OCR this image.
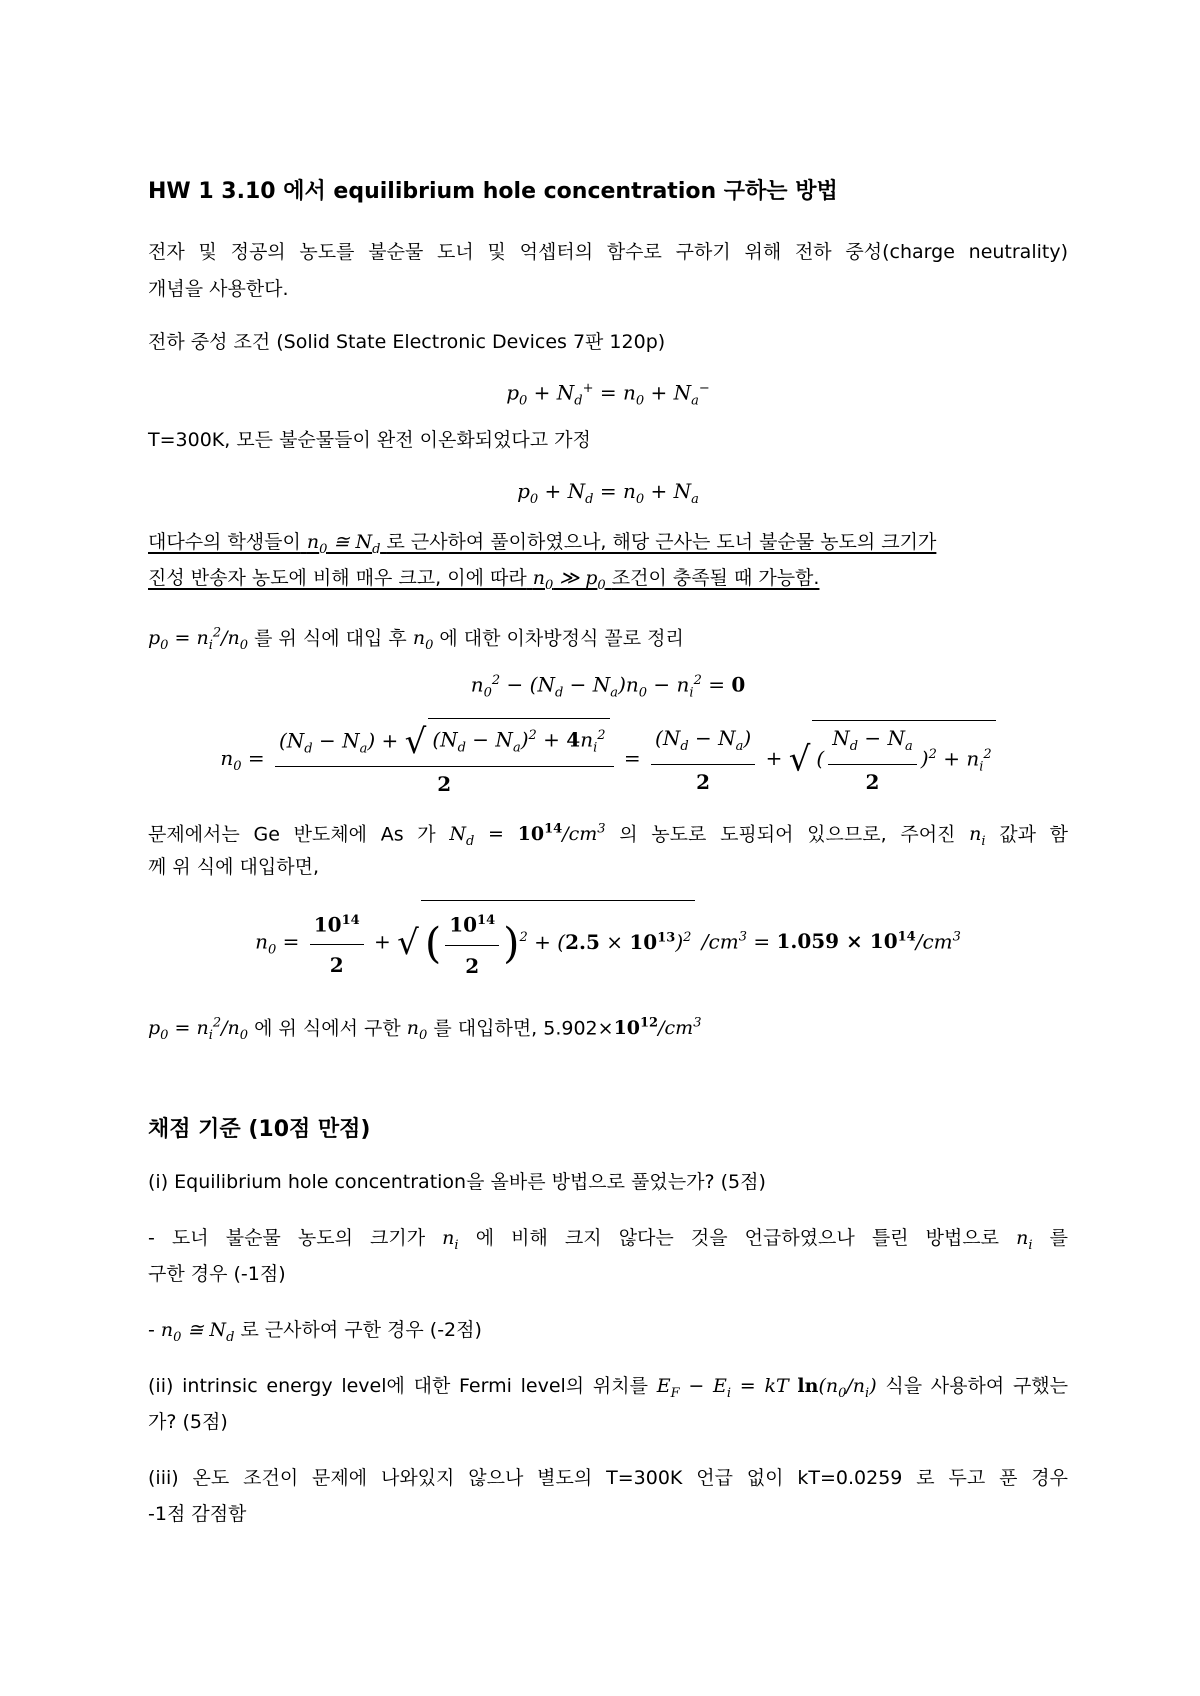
HW 1 3.10 에서 equilibrium hole concentration 구하는 방법
전자 및 정공의 농도를 불순물 도너 및 억셉터의 함수로 구하기 위해 전하 중성(charge neutrality)
개념을 사용한다.
전하 중성 조건 (Solid State Electronic Devices 7판 120p)
$p_0 + N_d^+ = n_0 + N_a^-$
T=300K, 모든 불순물들이 완전 이온화되었다고 가정
$p_0 + N_d = n_0 + N_a$
대다수의 학생들이 $n_0$ ≅ $N_d$ 로 근사하여 풀이하였으나, 해당 근사는 도너 불순물 농도의 크기가
진성 반송자 농도에 비해 매우 크고, 이에 따라 $n_0$ ≫ $p_0$ 조건이 충족될 때 가능함.
$p_0 = n_i^2/n_0$ 를 위 식에 대입 후 $n_0$ 에 대한 이차방정식 꼴로 정리
$n_0^2 - (N_d - N_a)n_0 - n_i^2 = 0$
$n_0 = \frac{(N_d - N_a) + √ (N_d - N_a)^2 + 4n_i^2}{2} = \frac{(N_d - N_a)}{2}$ + √ ( $\frac{N_d - N_a}{2} )^2 + n_i^2$
문제에서는 Ge 반도체에 As 가 $N_d = 10^{14}/cm^3$ 의 농도로 도핑되어 있으므로, 주어진 $n_i$ 값과 함
께 위 식에 대입하면,
$n_0 = \frac{10^{14}}{2}$ + √ ( $\frac{10^{14}}{2} )^2 + (2.5 \times 10^{13})^2$ $/cm^3 = 1.059 \times 10^{14}/cm^3$
$p_0 = n_i^2/n_0$ 에 위 식에서 구한 $n_0$ 를 대입하면, $5.902\times 10^{12}/cm^3$
채점 기준 (10점 만점)
(i) Equilibrium hole concentration을 올바른 방법으로 풀었는가? (5점)
- 도너 불순물 농도의 크기가 $n_i$ 에 비해 크지 않다는 것을 언급하였으나 틀린 방법으로 $n_i$ 를
구한 경우 (-1점)
- $n_0$ ≅ $N_d$ 로 근사하여 구한 경우 (-2점)
(ii) intrinsic energy level에 대한 Fermi level의 위치를 $E_F - E_i$ = kT $\ln(n_0/n_i)$ 식을 사용하여 구했는
가? (5점)
(iii) 온도 조건이 문제에 나와있지 않으나 별도의 T=300K 언급 없이 kT=0.0259 로 두고 푼 경우
-1점 감점함
